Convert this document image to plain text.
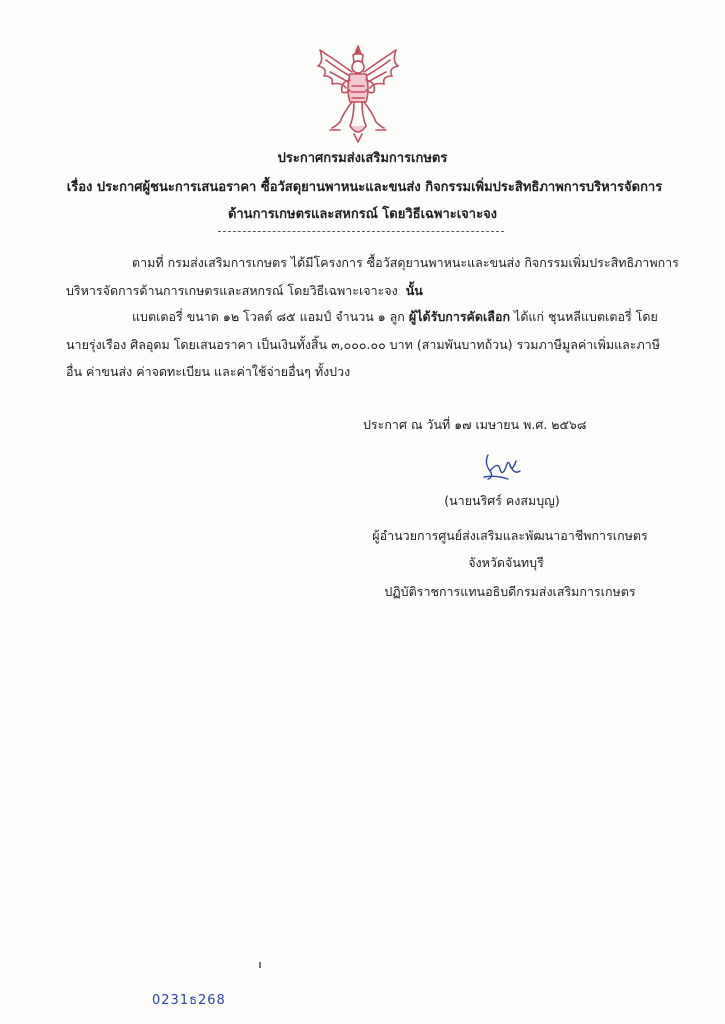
ประกาศกรมส่งเสริมการเกษตร
เรื่อง ประกาศผู้ชนะการเสนอราคา ซื้อวัสดุยานพาหนะและขนส่ง กิจกรรมเพิ่มประสิทธิภาพการบริหารจัดการ
ด้านการเกษตรและสหกรณ์ โดยวิธีเฉพาะเจาะจง
ตามที่ กรมส่งเสริมการเกษตร ได้มีโครงการ ซื้อวัสดุยานพาหนะและขนส่ง กิจกรรมเพิ่มประสิทธิภาพการ
บริหารจัดการด้านการเกษตรและสหกรณ์ โดยวิธีเฉพาะเจาะจง นั้น
แบตเตอรี่ ขนาด ๑๒ โวลต์ ๘๕ แอมป์ จำนวน ๑ ลูก ผู้ได้รับการคัดเลือก ได้แก่ ชุนหลีแบตเตอรี่ โดย
นายรุ่งเรือง ศิลอุดม โดยเสนอราคา เป็นเงินทั้งสิ้น ๓,๐๐๐.๐๐ บาท (สามพันบาทถ้วน) รวมภาษีมูลค่าเพิ่มและภาษี
อื่น ค่าขนส่ง ค่าจดทะเบียน และค่าใช้จ่ายอื่นๆ ทั้งปวง
ประกาศ ณ วันที่ ๑๗ เมษายน พ.ศ. ๒๕๖๘
(นายนริศร์ คงสมบุญ)
ผู้อำนวยการศูนย์ส่งเสริมและพัฒนาอาชีพการเกษตร
จังหวัดจันทบุรี
ปฏิบัติราชการแทนอธิบดีกรมส่งเสริมการเกษตร
0231ธ268
